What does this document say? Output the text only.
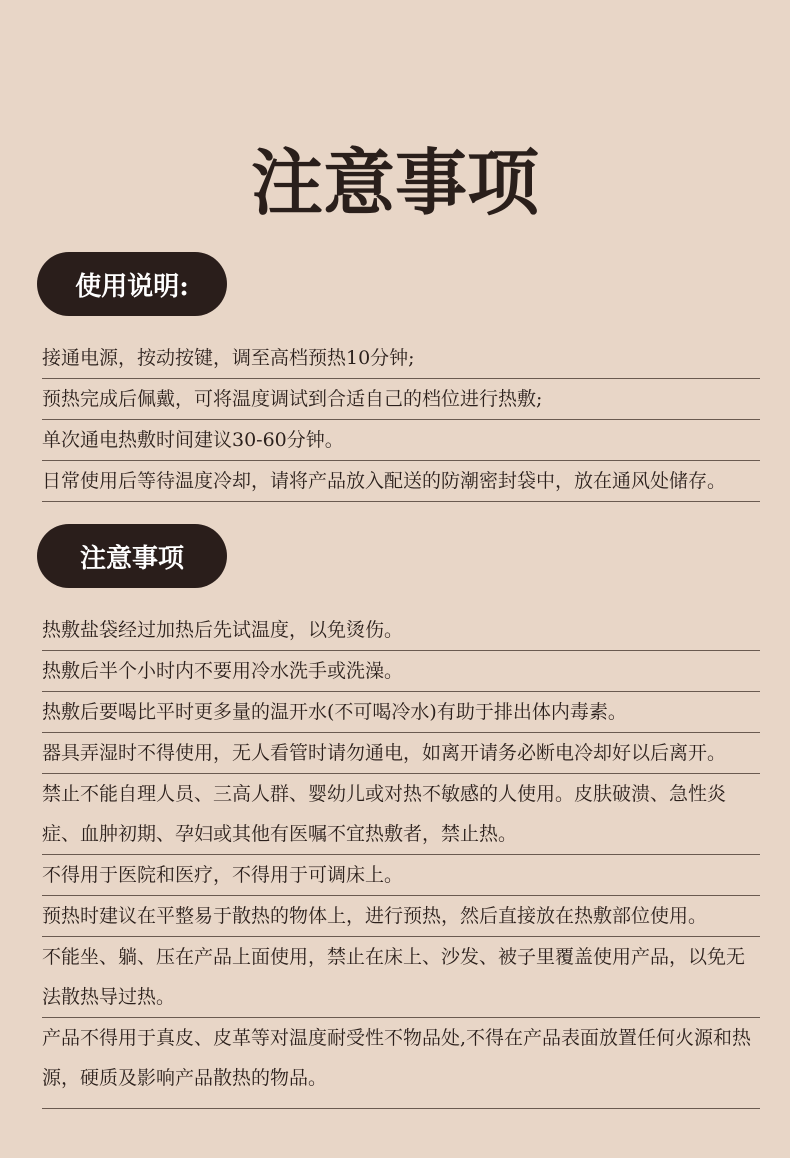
注意事项
使用说明:
接通电源，按动按键，调至高档预热10分钟;
预热完成后佩戴，可将温度调试到合适自己的档位进行热敷;
单次通电热敷时间建议30-60分钟。
日常使用后等待温度冷却，请将产品放入配送的防潮密封袋中，放在通风处储存。
注意事项
热敷盐袋经过加热后先试温度，以免烫伤。
热敷后半个小时内不要用冷水洗手或洗澡。
热敷后要喝比平时更多量的温开水(不可喝冷水)有助于排出体内毒素。
器具弄湿时不得使用，无人看管时请勿通电，如离开请务必断电冷却好以后离开。
禁止不能自理人员、三高人群、婴幼儿或对热不敏感的人使用。皮肤破溃、急性炎症、血肿初期、孕妇或其他有医嘱不宜热敷者，禁止热。
不得用于医院和医疗，不得用于可调床上。
预热时建议在平整易于散热的物体上，进行预热，然后直接放在热敷部位使用。
不能坐、躺、压在产品上面使用，禁止在床上、沙发、被子里覆盖使用产品，以免无法散热导过热。
产品不得用于真皮、皮革等对温度耐受性不物品处,不得在产品表面放置任何火源和热源，硬质及影响产品散热的物品。
